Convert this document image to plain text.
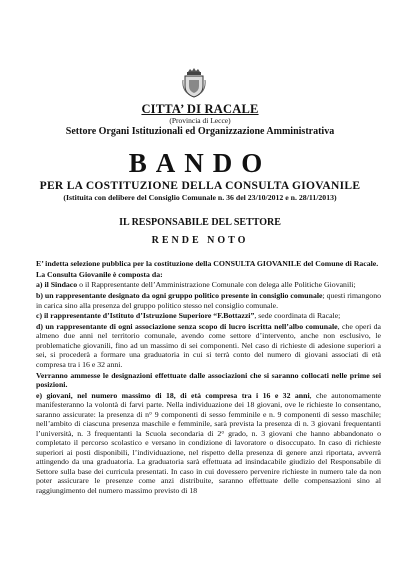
CITTA’ DI RACALE
(Provincia di Lecce)
Settore Organi Istituzionali ed Organizzazione Amministrativa
BANDO
PER LA COSTITUZIONE DELLA CONSULTA GIOVANILE
(Istituita con delibere del Consiglio Comunale n. 36 del 23/10/2012 e n. 28/11/2013)
IL RESPONSABILE DEL SETTORE
RENDE NOTO

E’ indetta selezione pubblica per la costituzione della CONSULTA GIOVANILE del Comune di Racale.

La Consulta Giovanile è composta da:

a) il Sindaco o il Rappresentante dell’Amministrazione Comunale con delega alle Politiche Giovanili;

b) un rappresentante designato da ogni gruppo politico presente in consiglio comunale; questi rimangono in carica sino alla presenza del gruppo politico stesso nel consiglio comunale.

c) il rappresentante d’Istituto d’Istruzione Superiore “F.Bottazzi”, sede coordinata di Racale;

d) un rappresentante di ogni associazione senza scopo di lucro iscritta nell’albo comunale, che operi da almeno due anni nel territorio comunale, avendo come settore d’intervento, anche non esclusivo, le problematiche giovanili, fino ad un massimo di sei componenti. Nel caso di richieste di adesione superiori a sei, si procederà a formare una graduatoria in cui si terrà conto del numero di giovani associati di età compresa tra i 16 e 32 anni.

Verranno ammesse le designazioni effettuate dalle associazioni che si saranno collocati nelle prime sei posizioni.

e) giovani, nel numero massimo di 18, di età compresa tra i 16 e 32 anni, che autonomamente manifesteranno la volontà di farvi parte. Nella individuazione dei 18 giovani, ove le richieste lo consentano, saranno assicurate: la presenza di n° 9 componenti di sesso femminile e n. 9 componenti di sesso maschile; nell’ambito di ciascuna presenza maschile e femminile, sarà prevista la presenza di n. 3 giovani frequentanti l’università, n. 3 frequentanti la Scuola secondaria di 2° grado, n. 3 giovani che hanno abbandonato o completato il percorso scolastico e versano in condizione di lavoratore o disoccupato. In caso di richieste superiori ai posti disponibili, l’individuazione, nel rispetto della presenza di genere anzi riportata, avverrà attingendo da una graduatoria. La graduatoria sarà effettuata ad insindacabile giudizio del Responsabile di Settore sulla base dei curricula presentati. In caso in cui dovessero pervenire richieste in numero tale da non poter assicurare le presenze come anzi distribuite, saranno effettuate delle compensazioni sino al raggiungimento del numero massimo previsto di 18
